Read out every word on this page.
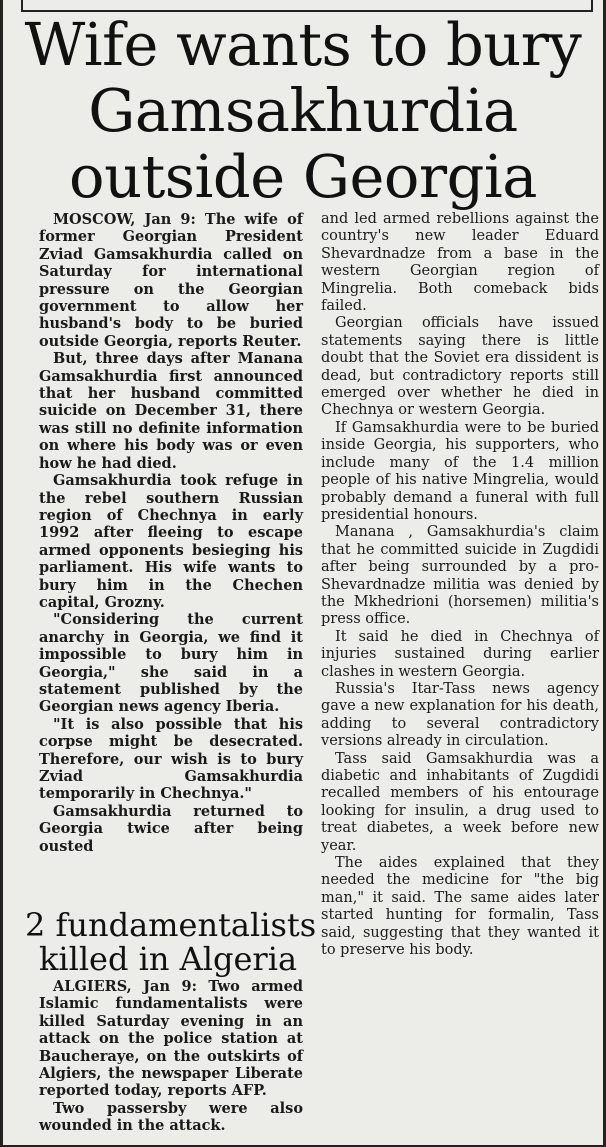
Wife wants to bury
Gamsakhurdia
outside Georgia

MOSCOW, Jan 9: The wife of former Georgian President Zviad Gamsakhurdia called on Saturday for international pressure on the Georgian government to allow her husband's body to be buried outside Georgia, reports Reuter.

But, three days after Manana Gamsakhurdia first announced that her husband committed suicide on December 31, there was still no definite information on where his body was or even how he had died.

Gamsakhurdia took refuge in the rebel southern Russian region of Chechnya in early 1992 after fleeing to escape armed opponents besieging his parliament. His wife wants to bury him in the Chechen capital, Grozny.

"Considering the current anarchy in Georgia, we find it impossible to bury him in Georgia," she said in a statement published by the Georgian news agency Iberia.

"It is also possible that his corpse might be desecrated. Therefore, our wish is to bury Zviad Gamsakhurdia temporarily in Chechnya."

Gamsakhurdia returned to Georgia twice after being ousted

and led armed rebellions against the country's new leader Eduard Shevardnadze from a base in the western Georgian region of Mingrelia. Both comeback bids failed.

Georgian officials have issued statements saying there is little doubt that the Soviet era dissident is dead, but contradictory reports still emerged over whether he died in Chechnya or western Georgia.

If Gamsakhurdia were to be buried inside Georgia, his supporters, who include many of the 1.4 million people of his native Mingrelia, would probably demand a funeral with full presidential honours.

Manana , Gamsakhurdia's claim that he committed suicide in Zugdidi after being surrounded by a pro-Shevardnadze militia was denied by the Mkhedrioni (horsemen) militia's press office.

It said he died in Chechnya of injuries sustained during earlier clashes in western Georgia.

Russia's Itar-Tass news agency gave a new explanation for his death, adding to several contradictory versions already in circulation.

Tass said Gamsakhurdia was a diabetic and inhabitants of Zugdidi recalled members of his entourage looking for insulin, a drug used to treat diabetes, a week before new year.

The aides explained that they needed the medicine for "the big man," it said. The same aides later started hunting for formalin, Tass said, suggesting that they wanted it to preserve his body.

2 fundamentalists
killed in Algeria

ALGIERS, Jan 9: Two armed Islamic fundamentalists were killed Saturday evening in an attack on the police station at Baucheraye, on the outskirts of Algiers, the newspaper Liberate reported today, reports AFP.

Two passersby were also wounded in the attack.
